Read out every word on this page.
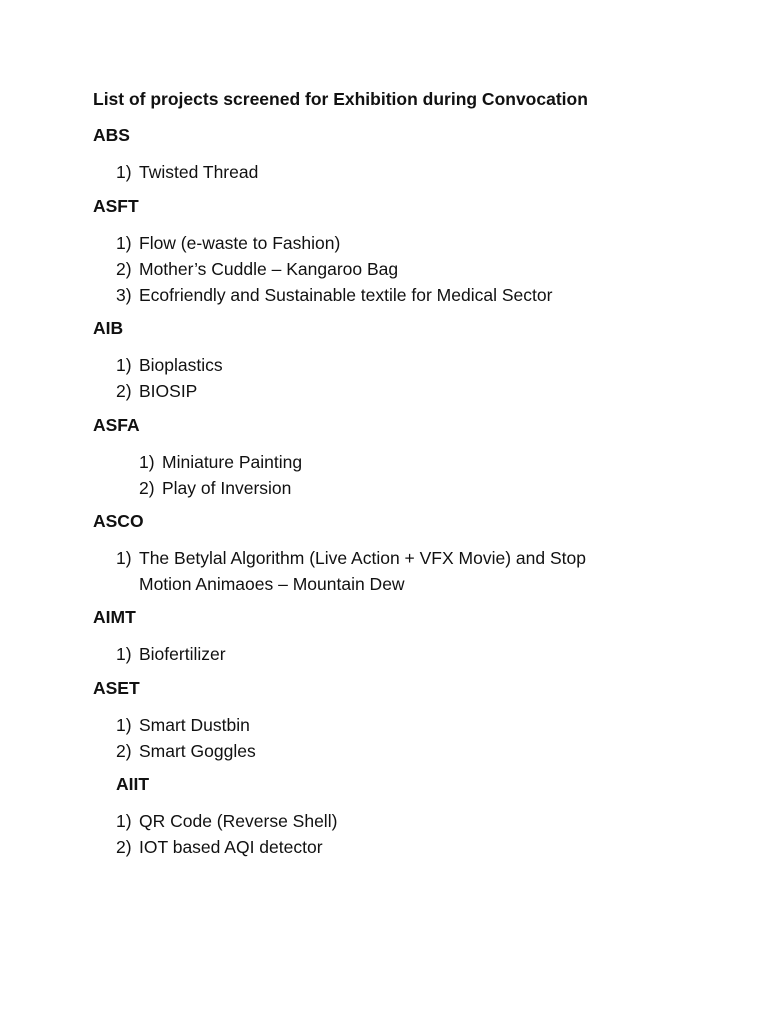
List of projects screened for Exhibition during Convocation
ABS
1) Twisted Thread
ASFT
1) Flow (e-waste to Fashion)
2) Mother’s Cuddle – Kangaroo Bag
3) Ecofriendly and Sustainable textile for Medical Sector
AIB
1) Bioplastics
2) BIOSIP
ASFA
1) Miniature Painting
2) Play of Inversion
ASCO
1) The Betylal Algorithm (Live Action + VFX Movie) and Stop Motion Animaoes – Mountain Dew
AIMT
1) Biofertilizer
ASET
1) Smart Dustbin
2) Smart Goggles
AIIT
1) QR Code (Reverse Shell)
2) IOT based AQI detector
